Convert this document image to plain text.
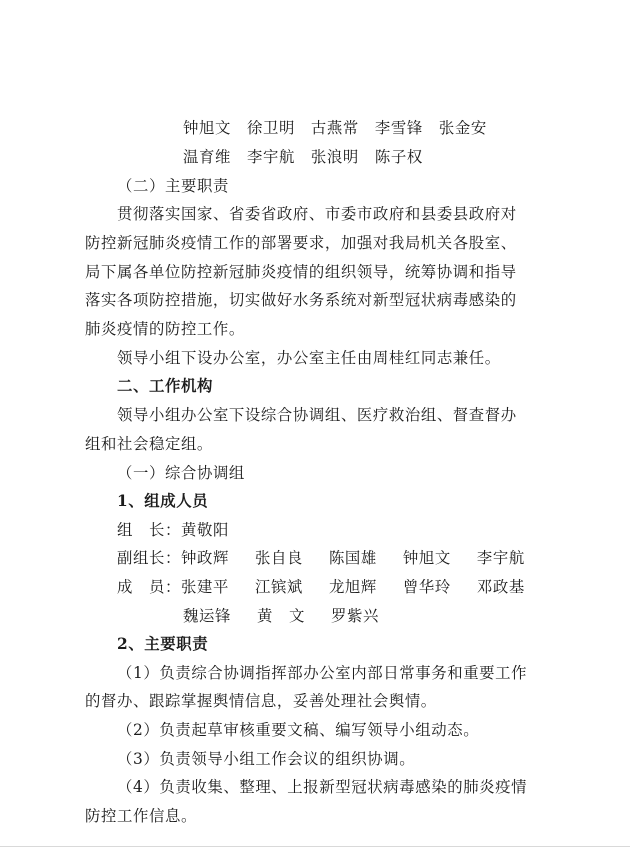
钟旭文　徐卫明　古燕常　李雪锋　张金安
温育维　李宇航　张浪明　陈子权
（二）主要职责
贯彻落实国家、省委省政府、市委市政府和县委县政府对
防控新冠肺炎疫情工作的部署要求，加强对我局机关各股室、
局下属各单位防控新冠肺炎疫情的组织领导，统筹协调和指导
落实各项防控措施，切实做好水务系统对新型冠状病毒感染的
肺炎疫情的防控工作。
领导小组下设办公室，办公室主任由周桂红同志兼任。
二、工作机构
领导小组办公室下设综合协调组、医疗救治组、督查督办
组和社会稳定组。
（一）综合协调组
1、组成人员
组　长：黄敬阳
副组长：钟政辉 张自良 陈国雄 钟旭文 李宇航
成　员：张建平 江镔斌 龙旭辉 曾华玲 邓政基
魏运锋 黄　文 罗紫兴
2、主要职责
（1）负责综合协调指挥部办公室内部日常事务和重要工作
的督办、跟踪掌握舆情信息，妥善处理社会舆情。
（2）负责起草审核重要文稿、编写领导小组动态。
（3）负责领导小组工作会议的组织协调。
（4）负责收集、整理、上报新型冠状病毒感染的肺炎疫情
防控工作信息。
